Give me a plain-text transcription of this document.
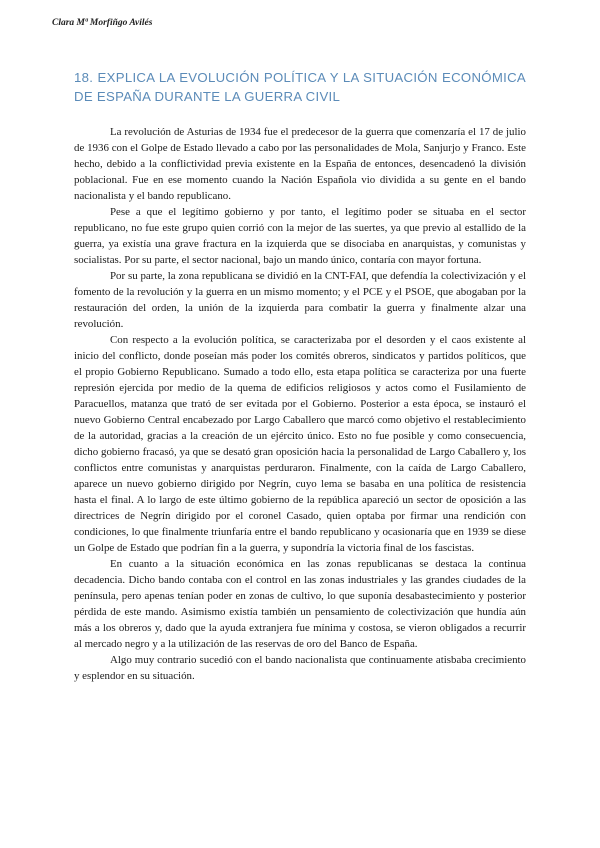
Clara Mª Morfiñgo Avilés
18. EXPLICA LA EVOLUCIÓN POLÍTICA Y LA SITUACIÓN ECONÓMICA DE ESPAÑA DURANTE LA GUERRA CIVIL

La revolución de Asturias de 1934 fue el predecesor de la guerra que comenzaría el 17 de julio de 1936 con el Golpe de Estado llevado a cabo por las personalidades de Mola, Sanjurjo y Franco. Este hecho, debido a la conflictividad previa existente en la España de entonces, desencadenó la división poblacional. Fue en ese momento cuando la Nación Española vio dividida a su gente en el bando nacionalista y el bando republicano.

Pese a que el legítimo gobierno y por tanto, el legítimo poder se situaba en el sector republicano, no fue este grupo quien corrió con la mejor de las suertes, ya que previo al estallido de la guerra, ya existía una grave fractura en la izquierda que se disociaba en anarquistas, y comunistas y socialistas. Por su parte, el sector nacional, bajo un mando único, contaría con mayor fortuna.

Por su parte, la zona republicana se dividió en la CNT-FAI, que defendía la colectivización y el fomento de la revolución y la guerra en un mismo momento; y el PCE y el PSOE, que abogaban por la restauración del orden, la unión de la izquierda para combatir la guerra y finalmente alzar una revolución.

Con respecto a la evolución política, se caracterizaba por el desorden y el caos existente al inicio del conflicto, donde poseían más poder los comités obreros, sindicatos y partidos políticos, que el propio Gobierno Republicano. Sumado a todo ello, esta etapa política se caracteriza por una fuerte represión ejercida por medio de la quema de edificios religiosos y actos como el Fusilamiento de Paracuellos, matanza que trató de ser evitada por el Gobierno. Posterior a esta época, se instauró el nuevo Gobierno Central encabezado por Largo Caballero que marcó como objetivo el restablecimiento de la autoridad, gracias a la creación de un ejército único. Esto no fue posible y como consecuencia, dicho gobierno fracasó, ya que se desató gran oposición hacia la personalidad de Largo Caballero y, los conflictos entre comunistas y anarquistas perduraron. Finalmente, con la caída de Largo Caballero, aparece un nuevo gobierno dirigido por Negrín, cuyo lema se basaba en una política de resistencia hasta el final. A lo largo de este último gobierno de la república apareció un sector de oposición a las directrices de Negrín dirigido por el coronel Casado, quien optaba por firmar una rendición con condiciones, lo que finalmente triunfaría entre el bando republicano y ocasionaría que en 1939 se diese un Golpe de Estado que podrían fin a la guerra, y supondría la victoria final de los fascistas.

En cuanto a la situación económica en las zonas republicanas se destaca la continua decadencia. Dicho bando contaba con el control en las zonas industriales y las grandes ciudades de la península, pero apenas tenían poder en zonas de cultivo, lo que suponía desabastecimiento y posterior pérdida de este mando. Asimismo existía también un pensamiento de colectivización que hundía aún más a los obreros y, dado que la ayuda extranjera fue mínima y costosa, se vieron obligados a recurrir al mercado negro y a la utilización de las reservas de oro del Banco de España.

Algo muy contrario sucedió con el bando nacionalista que continuamente atisbaba crecimiento y esplendor en su situación.
